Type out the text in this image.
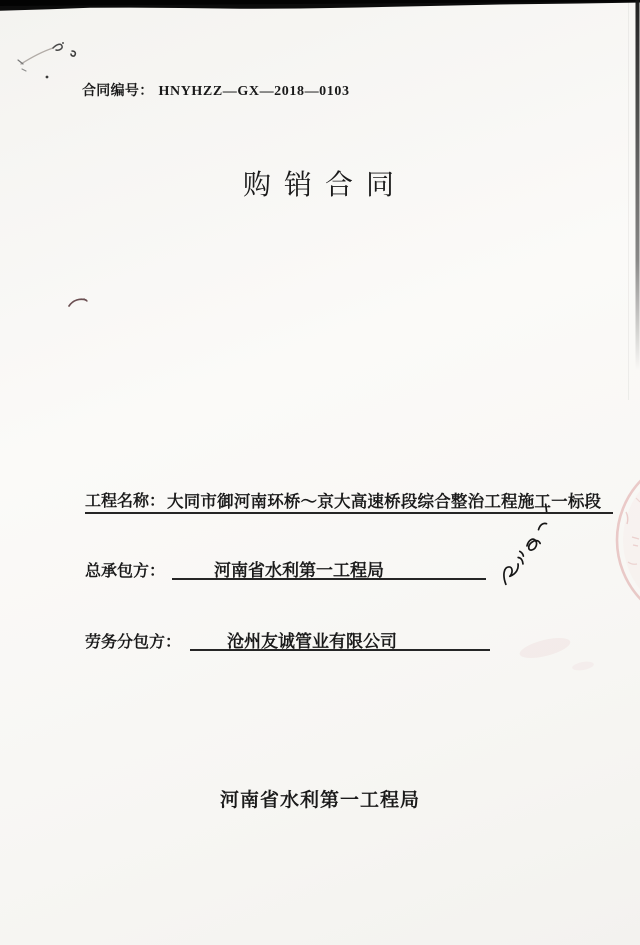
合同编号： HNYHZZ—GX—2018—0103
购 销 合 同
工程名称： 大同市御河南环桥～京大高速桥段综合整治工程施工一标段
总承包方：	河南省水利第一工程局
劳务分包方：	沧州友诚管业有限公司
河南省水利第一工程局
